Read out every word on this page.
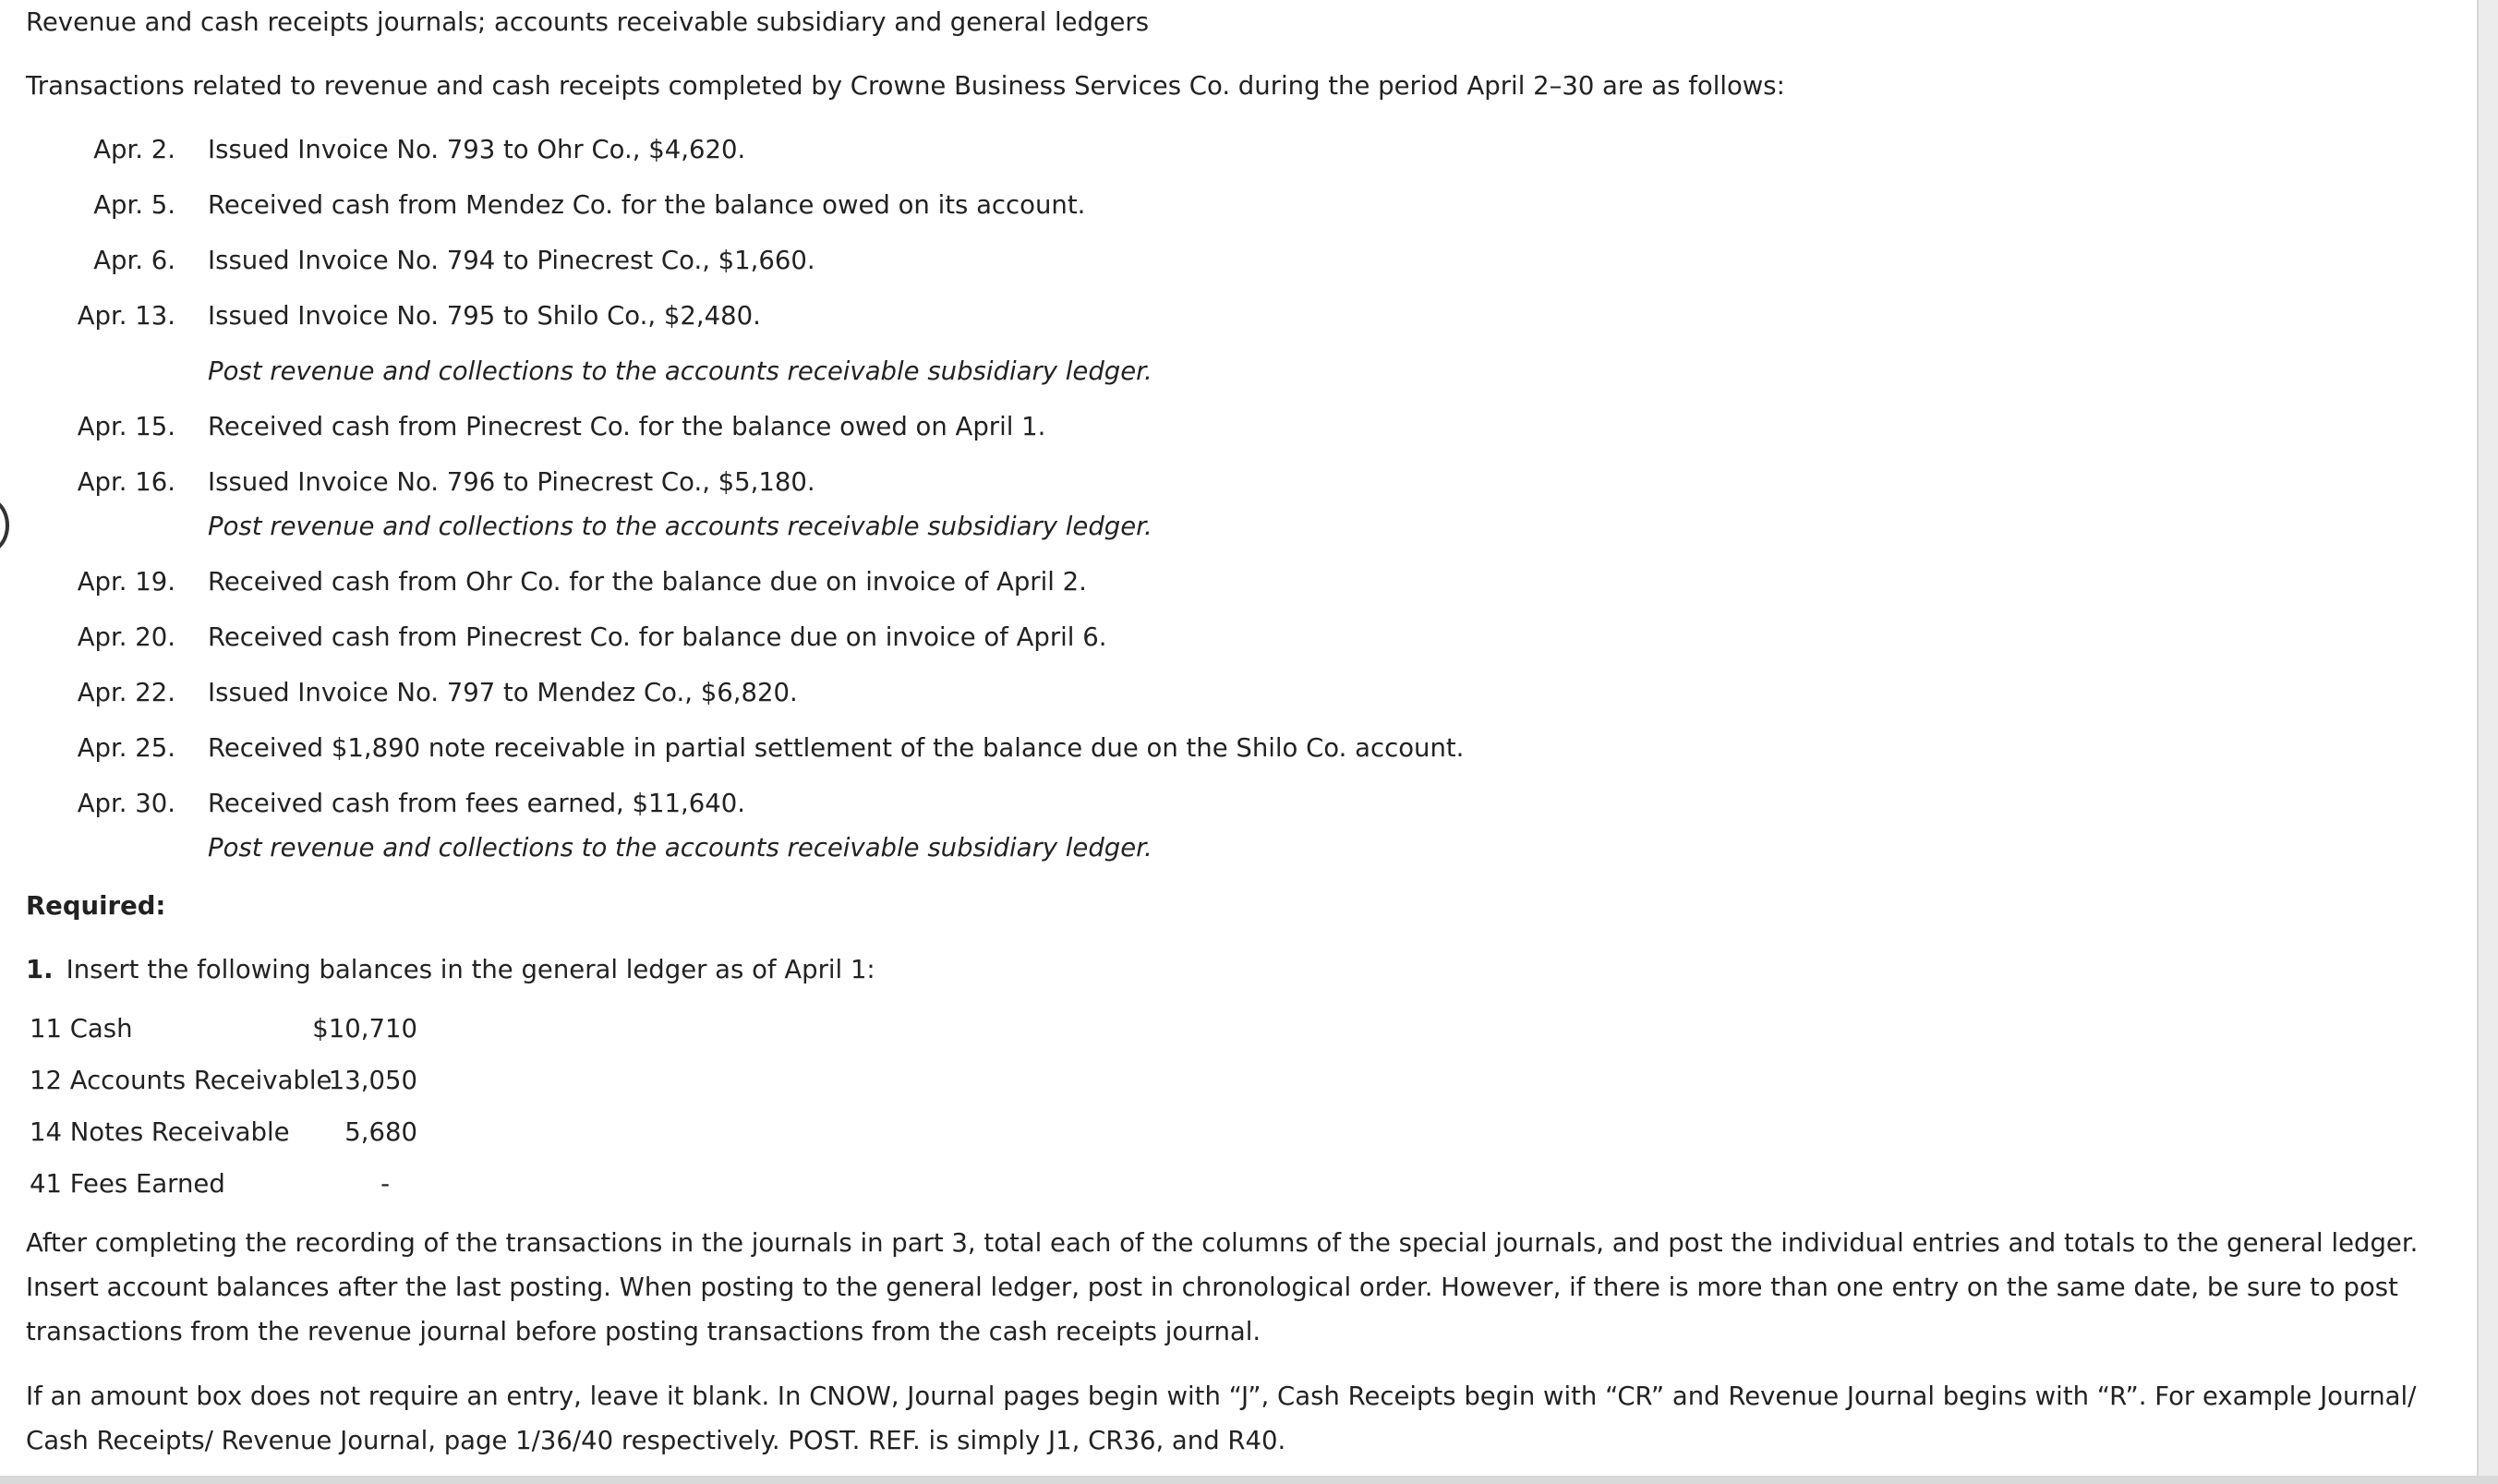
Revenue and cash receipts journals; accounts receivable subsidiary and general ledgers
Transactions related to revenue and cash receipts completed by Crowne Business Services Co. during the period April 2–30 are as follows:
Apr. 2. Issued Invoice No. 793 to Ohr Co., $4,620.
Apr. 5. Received cash from Mendez Co. for the balance owed on its account.
Apr. 6. Issued Invoice No. 794 to Pinecrest Co., $1,660.
Apr. 13. Issued Invoice No. 795 to Shilo Co., $2,480.
Post revenue and collections to the accounts receivable subsidiary ledger.
Apr. 15. Received cash from Pinecrest Co. for the balance owed on April 1.
Apr. 16. Issued Invoice No. 796 to Pinecrest Co., $5,180.
Post revenue and collections to the accounts receivable subsidiary ledger.
Apr. 19. Received cash from Ohr Co. for the balance due on invoice of April 2.
Apr. 20. Received cash from Pinecrest Co. for balance due on invoice of April 6.
Apr. 22. Issued Invoice No. 797 to Mendez Co., $6,820.
Apr. 25. Received $1,890 note receivable in partial settlement of the balance due on the Shilo Co. account.
Apr. 30. Received cash from fees earned, $11,640.
Post revenue and collections to the accounts receivable subsidiary ledger.
Required:
1. Insert the following balances in the general ledger as of April 1:
11 Cash	$10,710
12 Accounts Receivable
13,050
14 Notes Receivable 5,680
41 Fees Earned	-
After completing the recording of the transactions in the journals in part 3, total each of the columns of the special journals, and post the individual entries and totals to the general ledger. Insert account balances after the last posting. When posting to the general ledger, post in chronological order. However, if there is more than one entry on the same date, be sure to post transactions from the revenue journal before posting transactions from the cash receipts journal.
If an amount box does not require an entry, leave it blank. In CNOW, Journal pages begin with “J”, Cash Receipts begin with “CR” and Revenue Journal begins with “R”. For example Journal/ Cash Receipts/ Revenue Journal, page 1/36/40 respectively. POST. REF. is simply J1, CR36, and R40.
